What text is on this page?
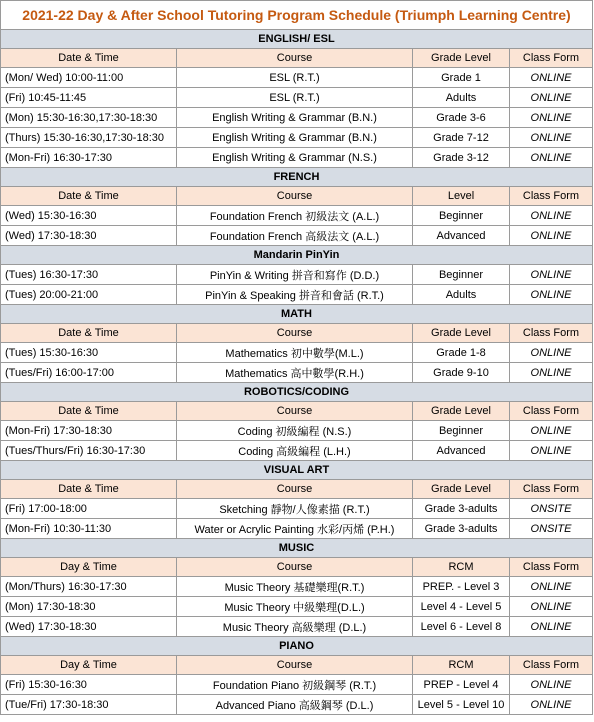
2021-22 Day & After School Tutoring Program Schedule (Triumph Learning Centre)			
ENGLISH/ ESL			
Date & Time	Course	Grade Level	Class Form
(Mon/ Wed) 10:00-11:00	ESL (R.T.)	Grade 1	ONLINE
(Fri) 10:45-11:45	ESL (R.T.)	Adults	ONLINE
(Mon) 15:30-16:30,17:30-18:30	English Writing & Grammar (B.N.)	Grade 3-6	ONLINE
(Thurs) 15:30-16:30,17:30-18:30	English Writing & Grammar (B.N.)	Grade 7-12	ONLINE
(Mon-Fri) 16:30-17:30	English Writing & Grammar (N.S.)	Grade 3-12	ONLINE
FRENCH			
Date & Time	Course	Level	Class Form
(Wed) 15:30-16:30	Foundation French 初級法文 (A.L.)	Beginner	ONLINE
(Wed) 17:30-18:30	Foundation French 高級法文 (A.L.)	Advanced	ONLINE
Mandarin PinYin			
(Tues) 16:30-17:30	PinYin & Writing 拼音和寫作 (D.D.)	Beginner	ONLINE
(Tues) 20:00-21:00	PinYin & Speaking 拼音和會話 (R.T.)	Adults	ONLINE
MATH			
Date & Time	Course	Grade Level	Class Form
(Tues) 15:30-16:30	Mathematics 初中數學(M.L.)	Grade 1-8	ONLINE
(Tues/Fri) 16:00-17:00	Mathematics 高中數學(R.H.)	Grade 9-10	ONLINE
ROBOTICS/CODING			
Date & Time	Course	Grade Level	Class Form
(Mon-Fri) 17:30-18:30	Coding 初級編程 (N.S.)	Beginner	ONLINE
(Tues/Thurs/Fri) 16:30-17:30	Coding 高級編程 (L.H.)	Advanced	ONLINE
VISUAL ART			
Date & Time	Course	Grade Level	Class Form
(Fri) 17:00-18:00	Sketching 靜物/人像素描 (R.T.)	Grade 3-adults	ONSITE
(Mon-Fri) 10:30-11:30	Water or Acrylic Painting 水彩/丙烯 (P.H.)	Grade 3-adults	ONSITE
MUSIC			
Day & Time	Course	RCM	Class Form
(Mon/Thurs) 16:30-17:30	Music Theory 基礎樂理(R.T.)	PREP. - Level 3	ONLINE
(Mon) 17:30-18:30	Music Theory 中級樂理(D.L.)	Level 4 - Level 5	ONLINE
(Wed) 17:30-18:30	Music Theory 高級樂理 (D.L.)	Level 6 - Level 8	ONLINE
PIANO			
Day & Time	Course	RCM	Class Form
(Fri) 15:30-16:30	Foundation Piano 初級鋼琴 (R.T.)	PREP - Level 4	ONLINE
(Tue/Fri) 17:30-18:30	Advanced Piano 高級鋼琴 (D.L.)	Level 5 - Level 10	ONLINE
